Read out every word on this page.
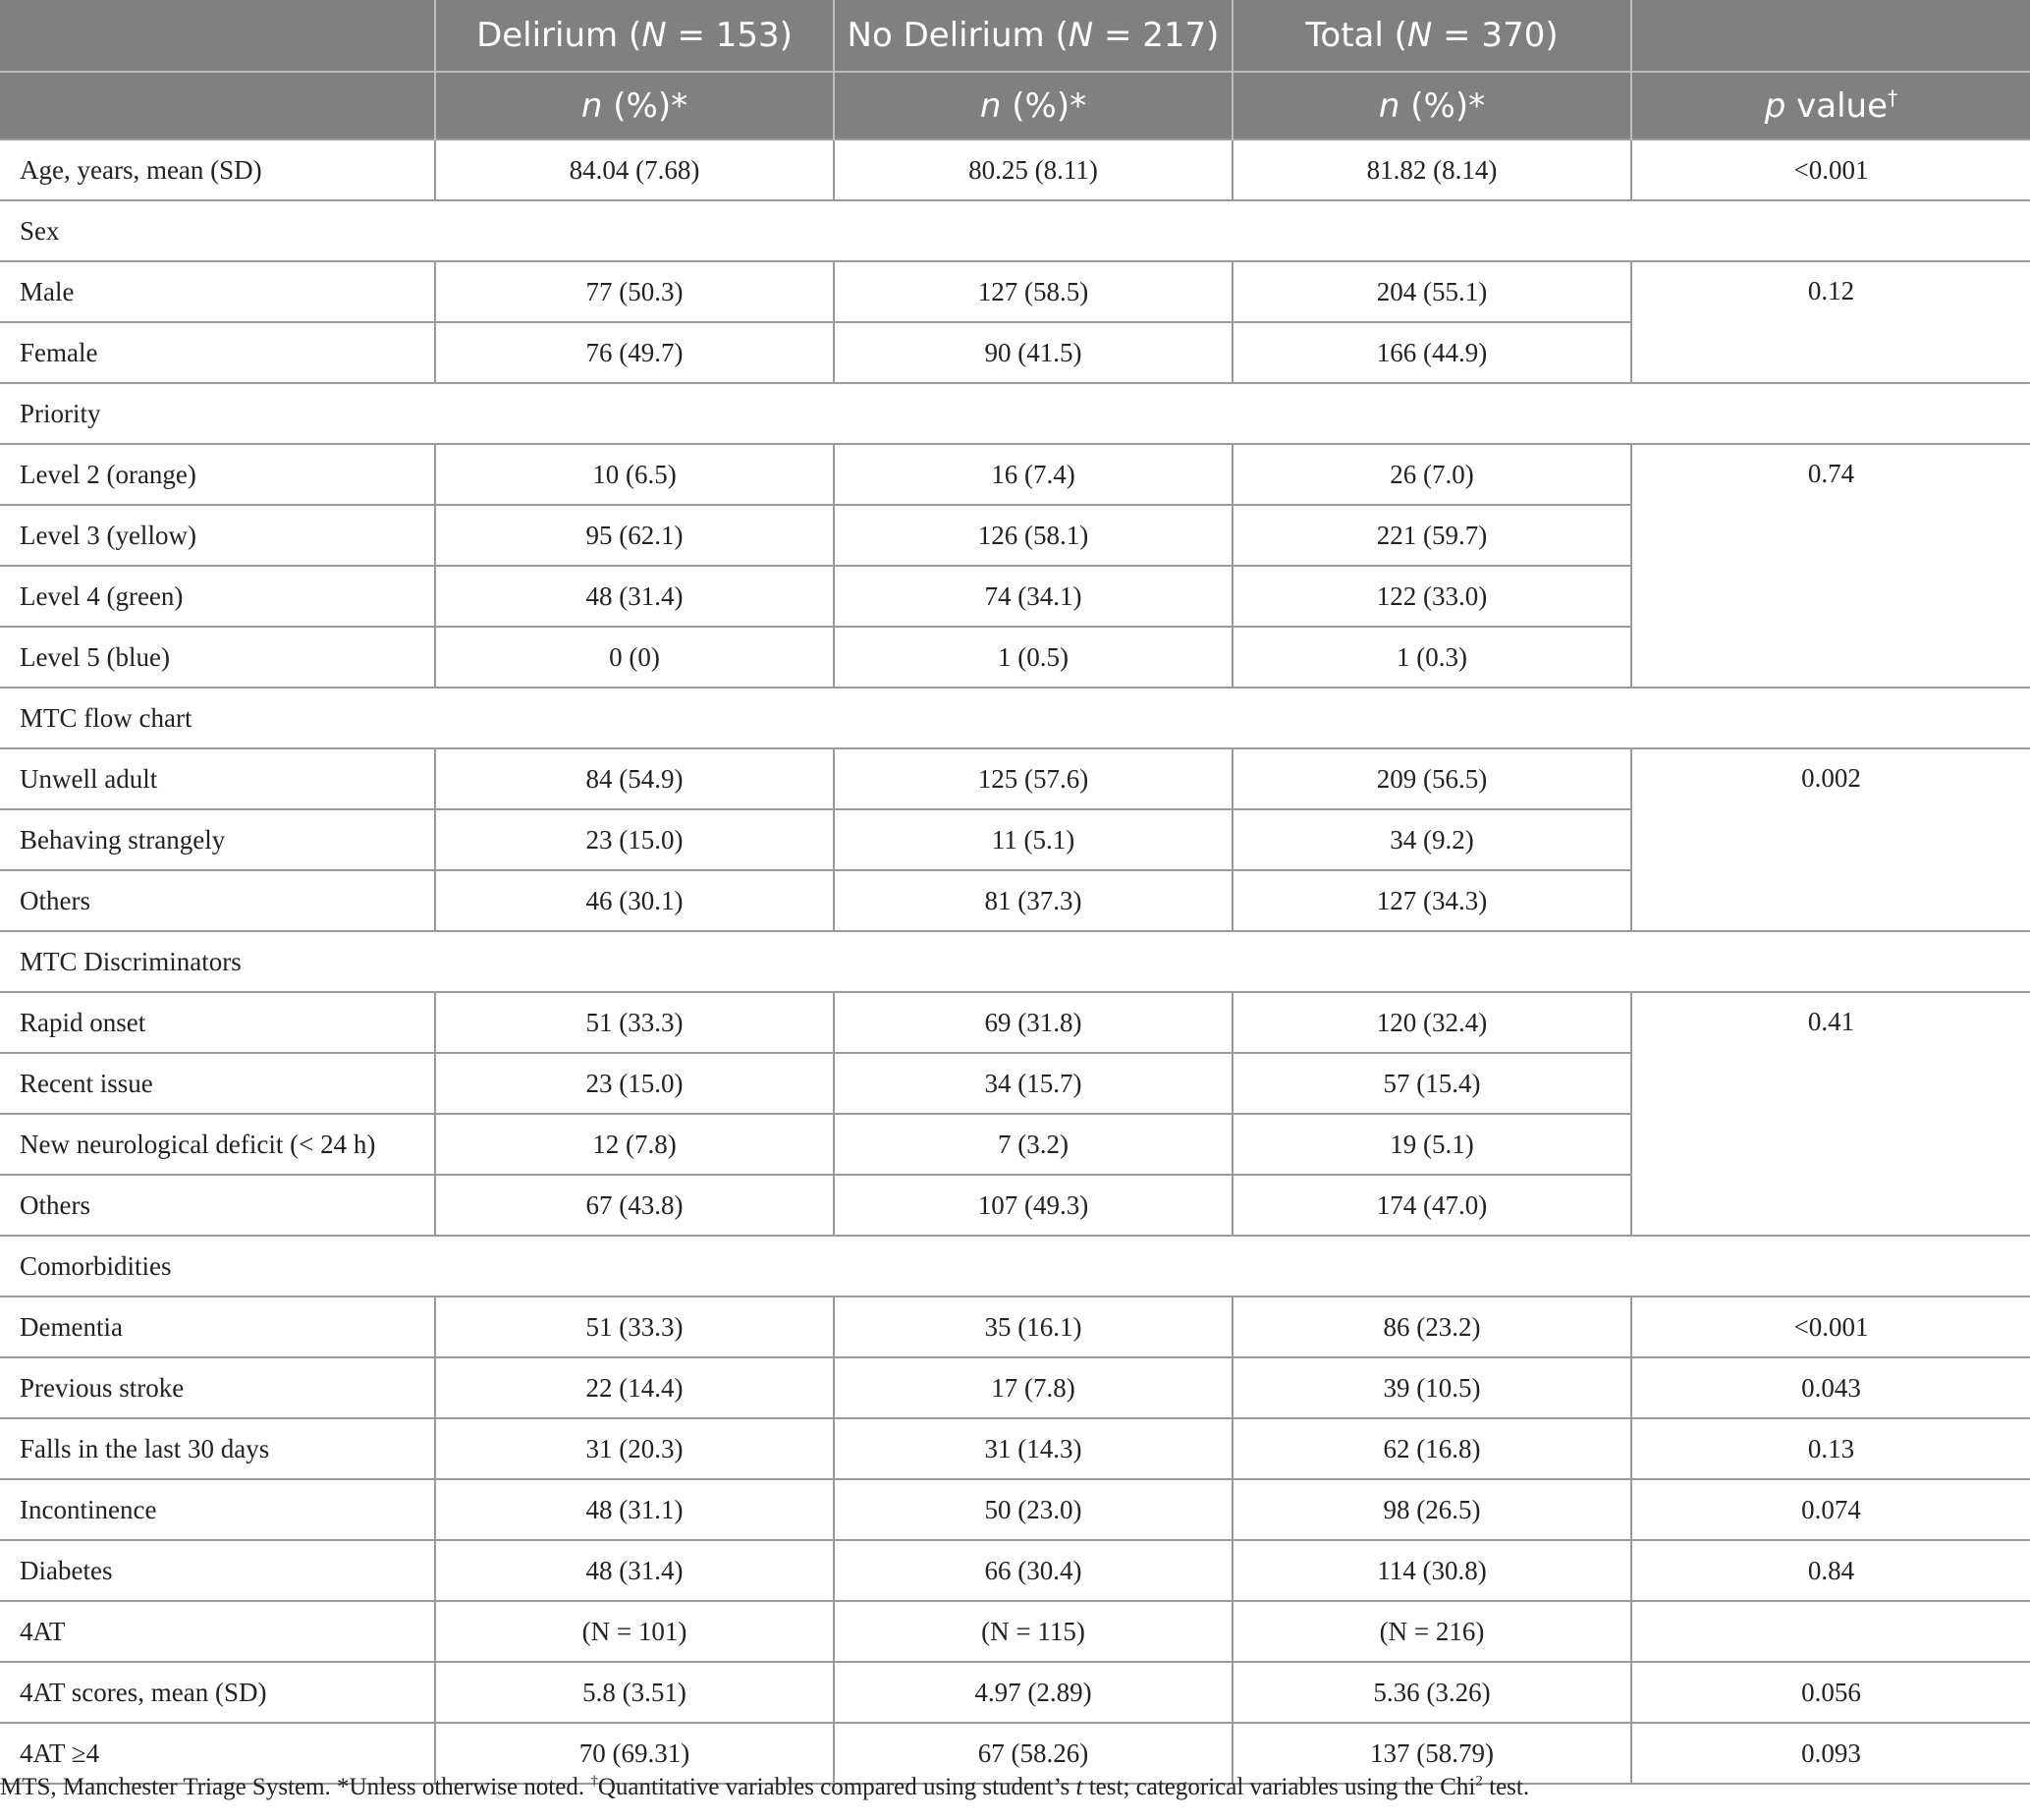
	Delirium (N = 153)	No Delirium (N = 217)	Total (N = 370)	
	n (%)*	n (%)*	n (%)*	p value†
Age, years, mean (SD)	84.04 (7.68)	80.25 (8.11)	81.82 (8.14)	<0.001
Sex				
Male	77 (50.3)	127 (58.5)	204 (55.1)	0.12
Female	76 (49.7)	90 (41.5)	166 (44.9)	
Priority				
Level 2 (orange)	10 (6.5)	16 (7.4)	26 (7.0)	0.74
Level 3 (yellow)	95 (62.1)	126 (58.1)	221 (59.7)	
Level 4 (green)	48 (31.4)	74 (34.1)	122 (33.0)	
Level 5 (blue)	0 (0)	1 (0.5)	1 (0.3)	
MTC flow chart				
Unwell adult	84 (54.9)	125 (57.6)	209 (56.5)	0.002
Behaving strangely	23 (15.0)	11 (5.1)	34 (9.2)	
Others	46 (30.1)	81 (37.3)	127 (34.3)	
MTC Discriminators				
Rapid onset	51 (33.3)	69 (31.8)	120 (32.4)	0.41
Recent issue	23 (15.0)	34 (15.7)	57 (15.4)	
New neurological deficit (< 24 h)	12 (7.8)	7 (3.2)	19 (5.1)	
Others	67 (43.8)	107 (49.3)	174 (47.0)	
Comorbidities				
Dementia	51 (33.3)	35 (16.1)	86 (23.2)	<0.001
Previous stroke	22 (14.4)	17 (7.8)	39 (10.5)	0.043
Falls in the last 30 days	31 (20.3)	31 (14.3)	62 (16.8)	0.13
Incontinence	48 (31.1)	50 (23.0)	98 (26.5)	0.074
Diabetes	48 (31.4)	66 (30.4)	114 (30.8)	0.84
4AT	(N = 101)	(N = 115)	(N = 216)	
4AT scores, mean (SD)	5.8 (3.51)	4.97 (2.89)	5.36 (3.26)	0.056
4AT ≥4	70 (69.31)	67 (58.26)	137 (58.79)	0.093
MTS, Manchester Triage System. *Unless otherwise noted. †Quantitative variables compared using student’s t test; categorical variables using the Chi$^2$ test.
